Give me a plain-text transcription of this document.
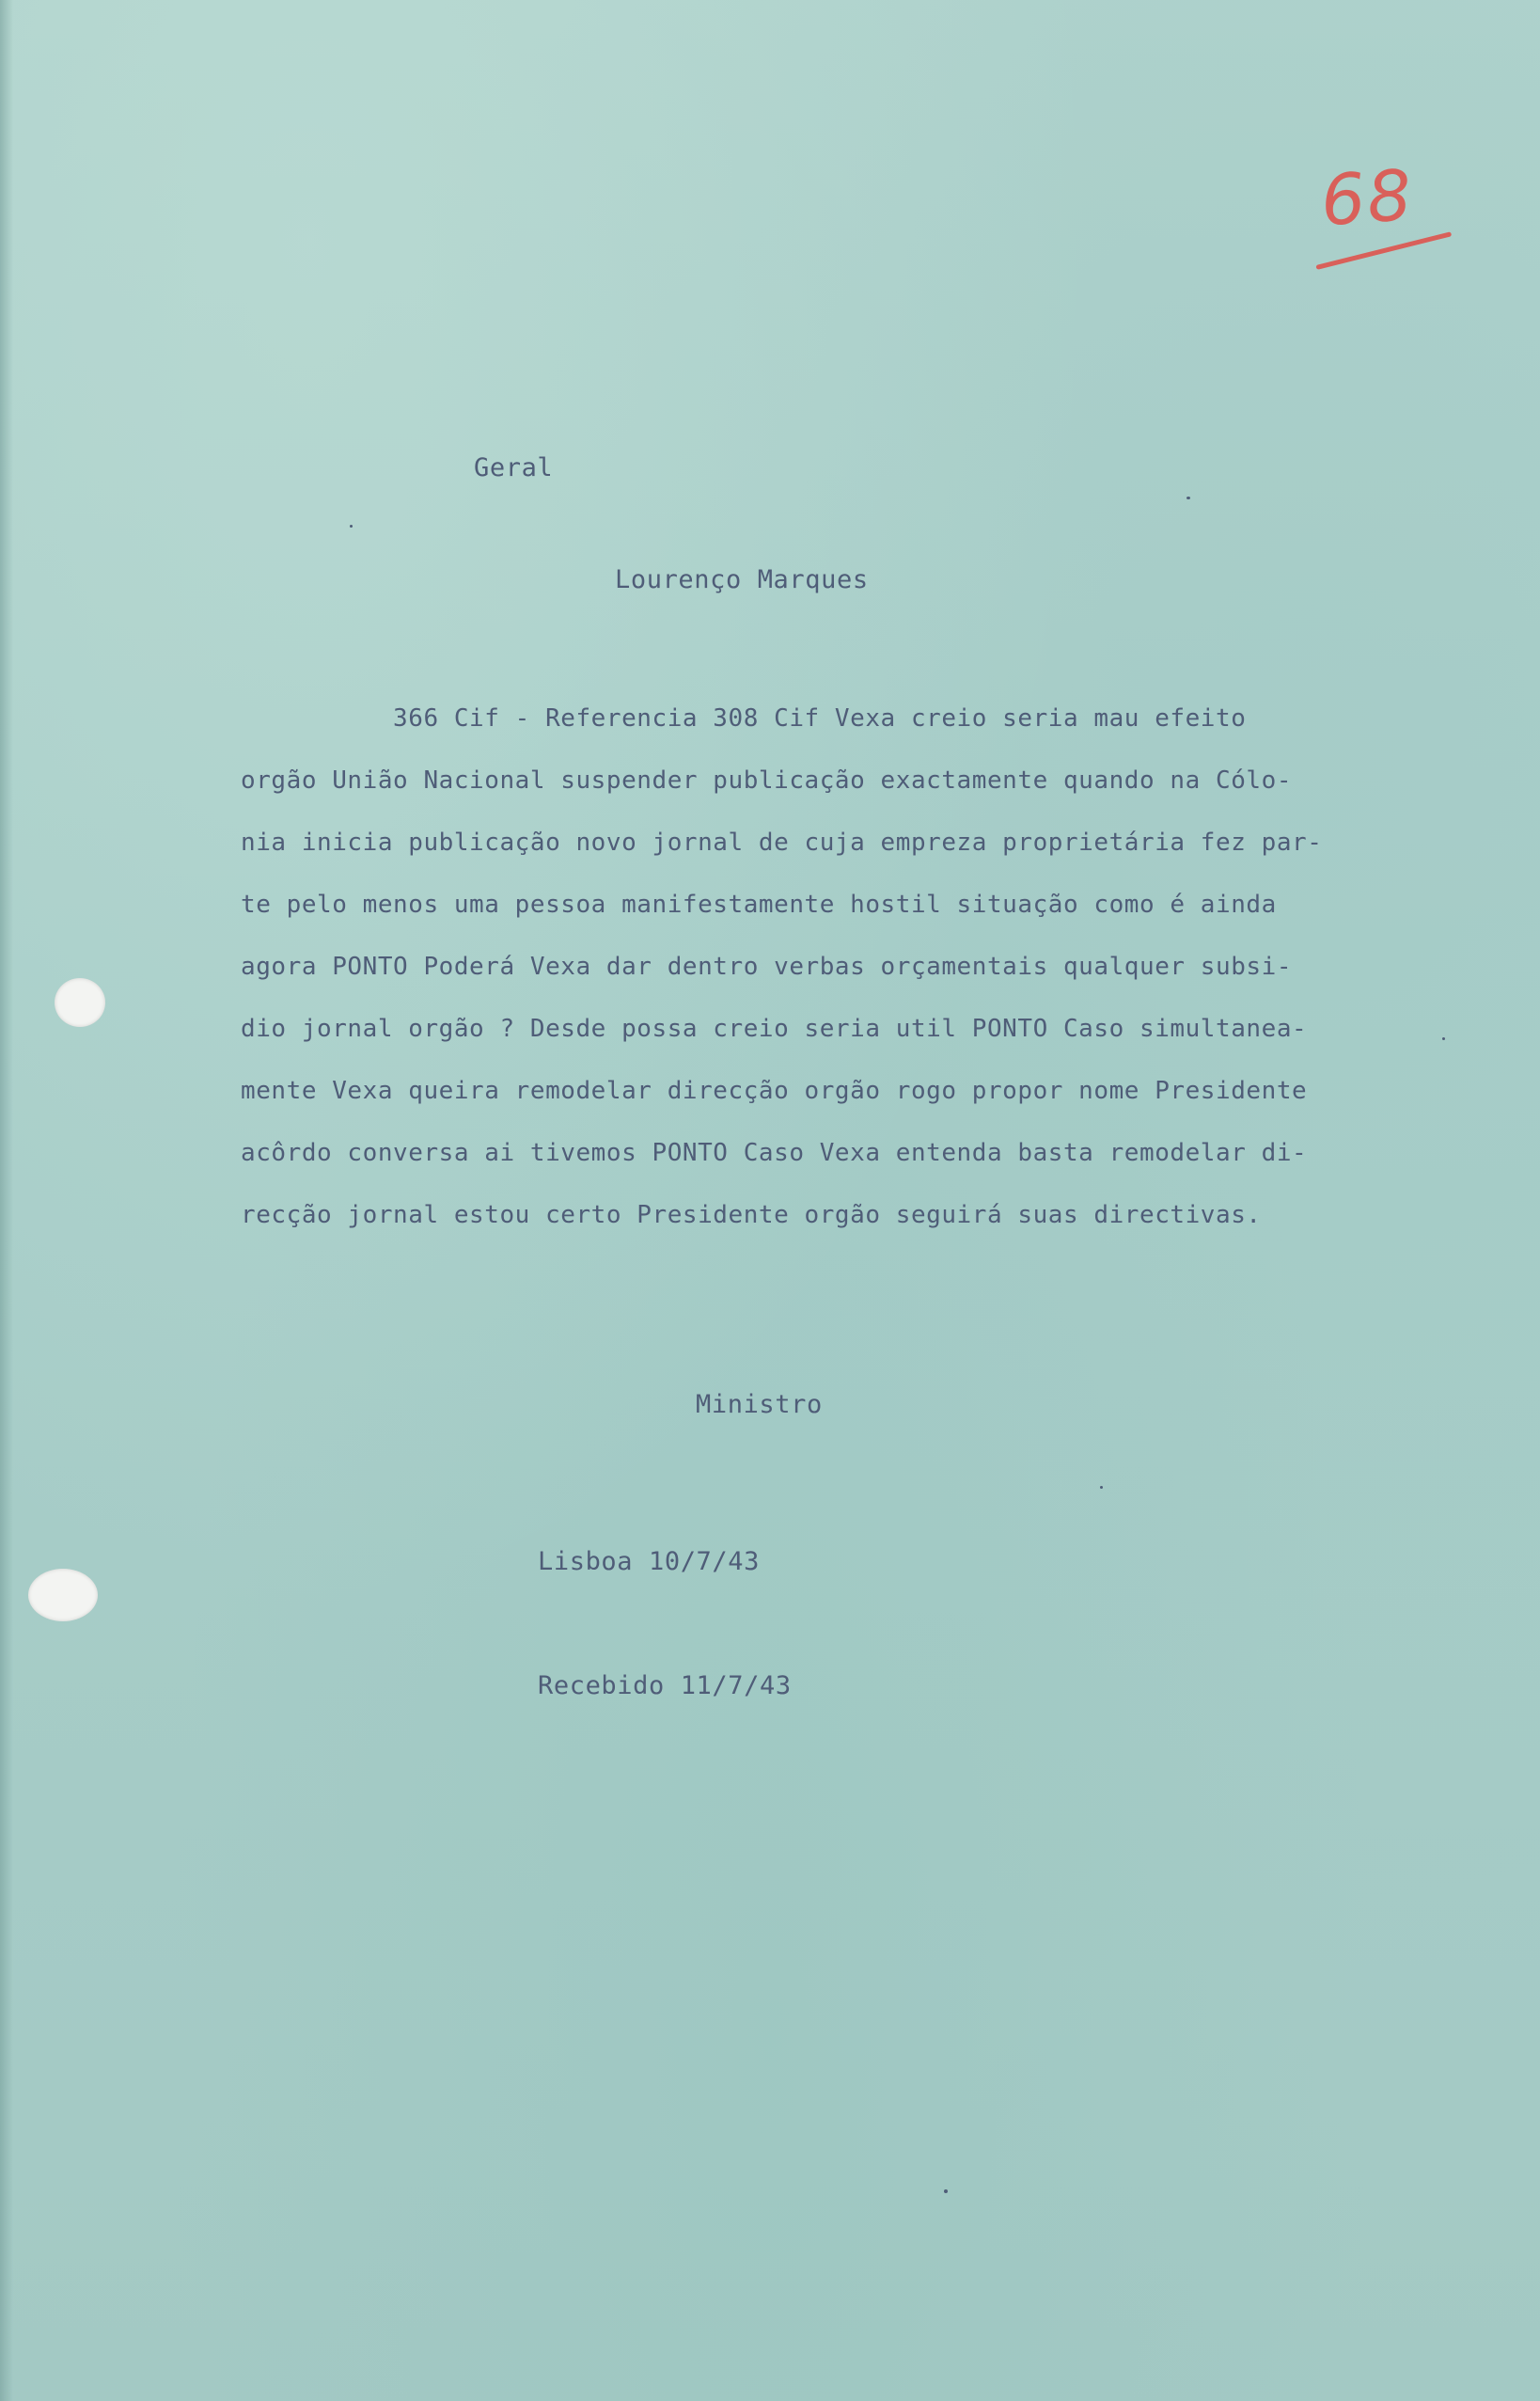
68
Geral
Lourenço Marques
366 Cif - Referencia 308 Cif Vexa creio seria mau efeito
orgão União Nacional suspender publicação exactamente quando na Cólo-
nia inicia publicação novo jornal de cuja empreza proprietária fez par-
te pelo menos uma pessoa manifestamente hostil situação como é ainda
agora PONTO Poderá Vexa dar dentro verbas orçamentais qualquer subsi-
dio jornal orgão ? Desde possa creio seria util PONTO Caso simultanea-
mente Vexa queira remodelar direcção orgão rogo propor nome Presidente
acôrdo conversa ai tivemos PONTO Caso Vexa entenda basta remodelar di-
recção jornal estou certo Presidente orgão seguirá suas directivas.
Ministro
Lisboa 10/7/43
Recebido 11/7/43
